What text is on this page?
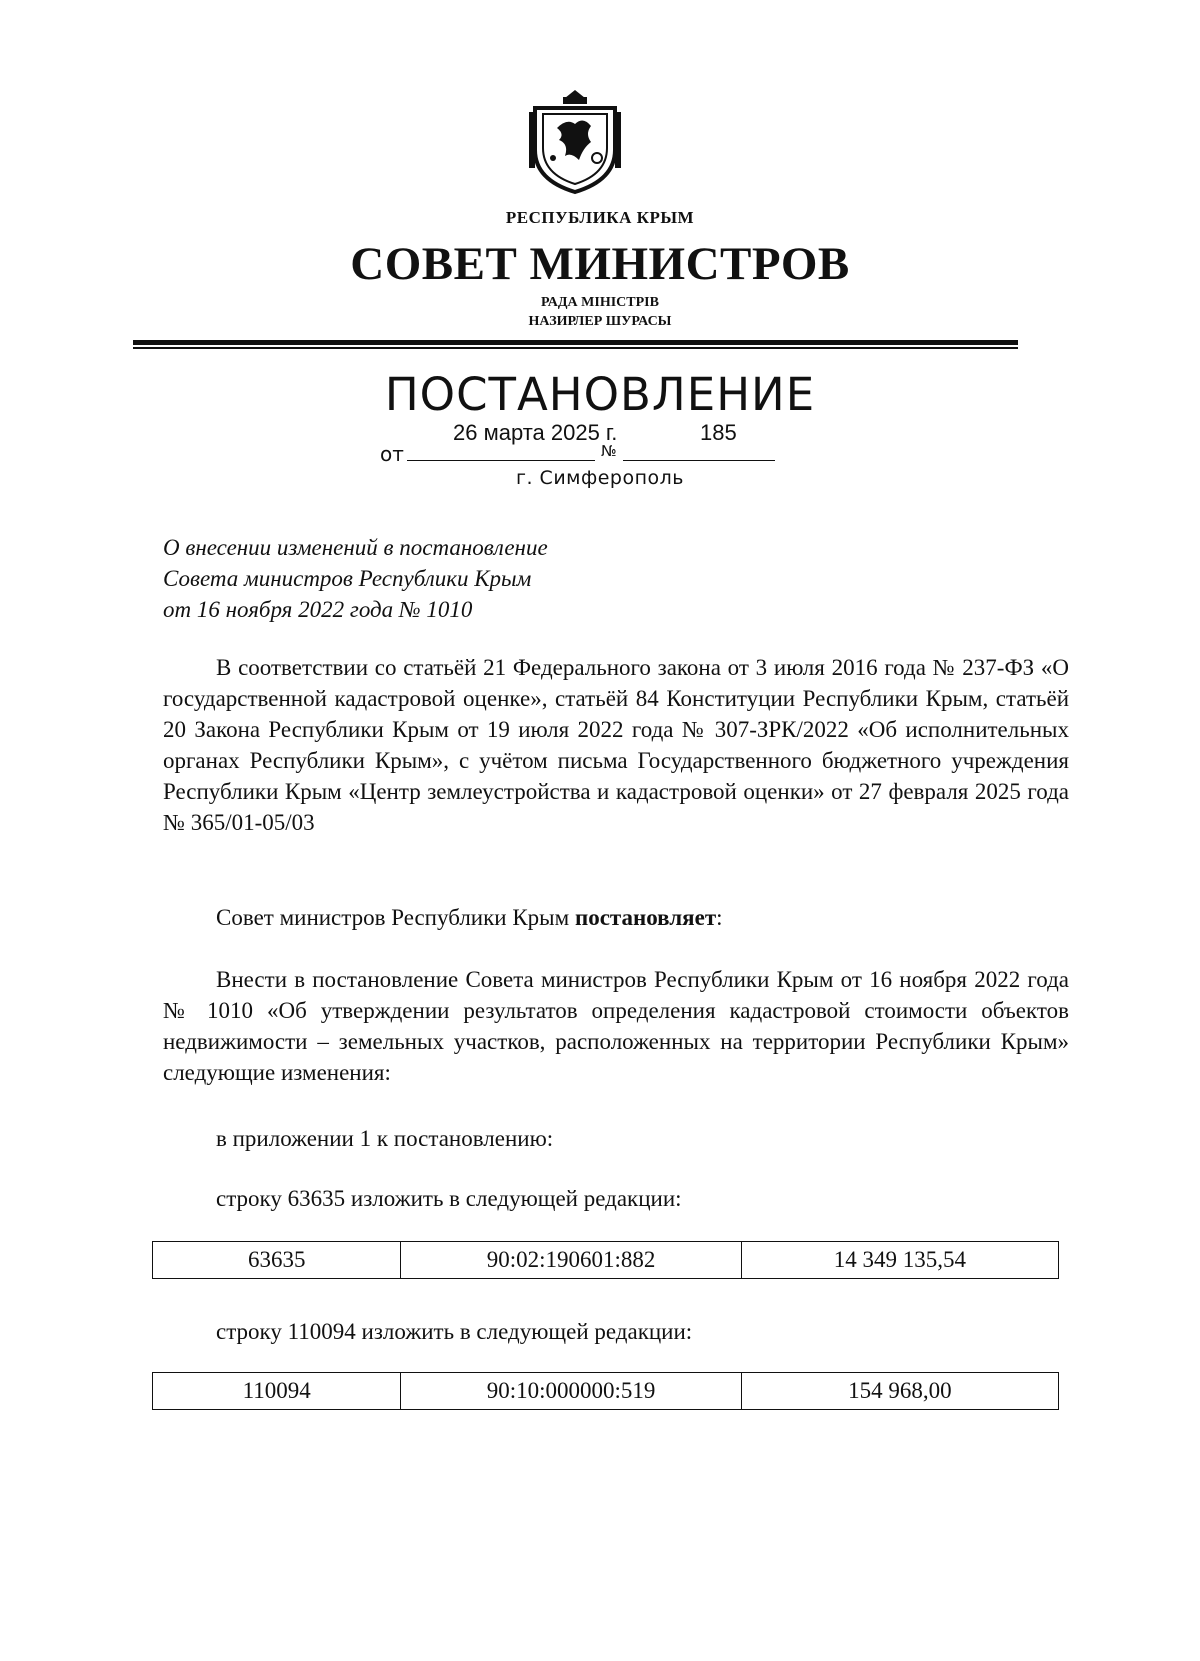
РЕСПУБЛИКА КРЫМ
СОВЕТ МИНИСТРОВ
РАДА МІНІСТРІВ
НАЗИРЛЕР ШУРАСЫ
ПОСТАНОВЛЕНИЕ
от	№
26 марта 2025 г.	185
г. Симферополь
О внесении изменений в постановление
Совета министров Республики Крым
от 16 ноября 2022 года № 1010
В соответствии со статьёй 21 Федерального закона от 3 июля 2016 года № 237-ФЗ «О государственной кадастровой оценке», статьёй 84 Конституции Республики Крым, статьёй 20 Закона Республики Крым от 19 июля 2022 года № 307-ЗРК/2022 «Об исполнительных органах Республики Крым», с учётом письма Государственного бюджетного учреждения Республики Крым «Центр землеустройства и кадастровой оценки» от 27 февраля 2025 года № 365/01-05/03
Совет министров Республики Крым постановляет:
Внести в постановление Совета министров Республики Крым от 16 ноября 2022 года № 1010 «Об утверждении результатов определения кадастровой стоимости объектов недвижимости – земельных участков, расположенных на территории Республики Крым» следующие изменения:
в приложении 1 к постановлению:
строку 63635 изложить в следующей редакции:
63635	90:02:190601:882	14 349 135,54
строку 110094 изложить в следующей редакции:
110094	90:10:000000:519	154 968,00
